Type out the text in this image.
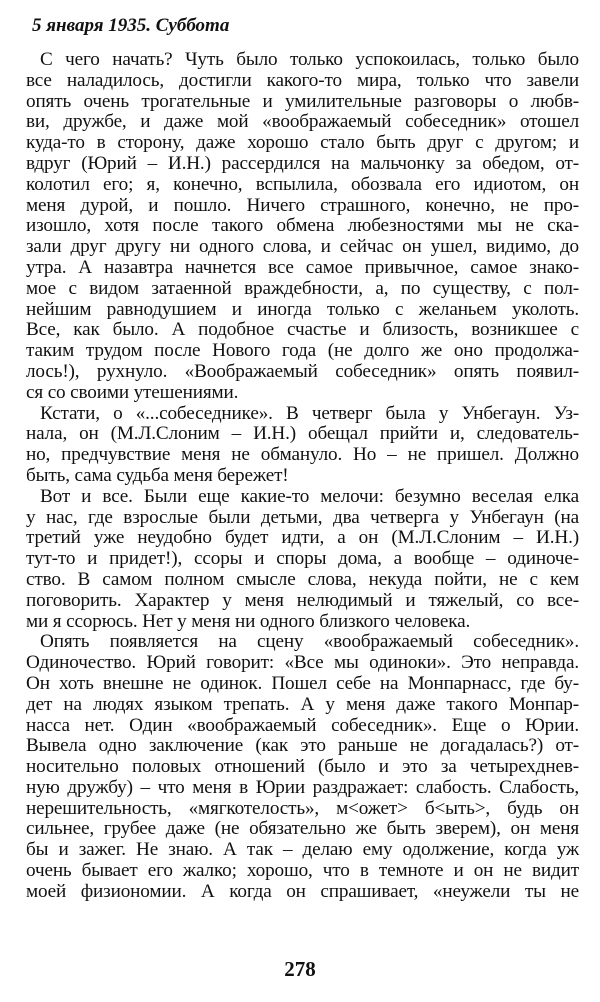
5 января 1935. Суббота
С чего начать? Чуть было только успокоилась, только было
все наладилось, достигли какого-то мира, только что завели
опять очень трогательные и умилительные разговоры о любв-
ви, дружбе, и даже мой «воображаемый собеседник» отошел
куда-то в сторону, даже хорошо стало быть друг с другом; и
вдруг (Юрий – И.Н.) рассердился на мальчонку за обедом, от-
колотил его; я, конечно, вспылила, обозвала его идиотом, он
меня дурой, и пошло. Ничего страшного, конечно, не про-
изошло, хотя после такого обмена любезностями мы не ска-
зали друг другу ни одного слова, и сейчас он ушел, видимо, до
утра. А назавтра начнется все самое привычное, самое знако-
мое с видом затаенной враждебности, а, по существу, с пол-
нейшим равнодушием и иногда только с желаньем уколоть.
Все, как было. А подобное счастье и близость, возникшее с
таким трудом после Нового года (не долго же оно продолжа-
лось!), рухнуло. «Воображаемый собеседник» опять появил-
ся со своими утешениями.
Кстати, о «...собеседнике». В четверг была у Унбегаун. Уз-
нала, он (М.Л.Слоним – И.Н.) обещал прийти и, следователь-
но, предчувствие меня не обмануло. Но – не пришел. Должно
быть, сама судьба меня бережет!
Вот и все. Были еще какие-то мелочи: безумно веселая елка
у нас, где взрослые были детьми, два четверга у Унбегаун (на
третий уже неудобно будет идти, а он (М.Л.Слоним – И.Н.)
тут-то и придет!), ссоры и споры дома, а вообще – одиноче-
ство. В самом полном смысле слова, некуда пойти, не с кем
поговорить. Характер у меня нелюдимый и тяжелый, со все-
ми я ссорюсь. Нет у меня ни одного близкого человека.
Опять появляется на сцену «воображаемый собеседник».
Одиночество. Юрий говорит: «Все мы одиноки». Это неправда.
Он хоть внешне не одинок. Пошел себе на Монпарнасс, где бу-
дет на людях языком трепать. А у меня даже такого Монпар-
насса нет. Один «воображаемый собеседник». Еще о Юрии.
Вывела одно заключение (как это раньше не догадалась?) от-
носительно половых отношений (было и это за четырехднев-
ную дружбу) – что меня в Юрии раздражает: слабость. Слабость,
нерешительность, «мягкотелость», м<ожет> б<ыть>, будь он
сильнее, грубее даже (не обязательно же быть зверем), он меня
бы и зажег. Не знаю. А так – делаю ему одолжение, когда уж
очень бывает его жалко; хорошо, что в темноте и он не видит
моей физиономии. А когда он спрашивает, «неужели ты не
278
